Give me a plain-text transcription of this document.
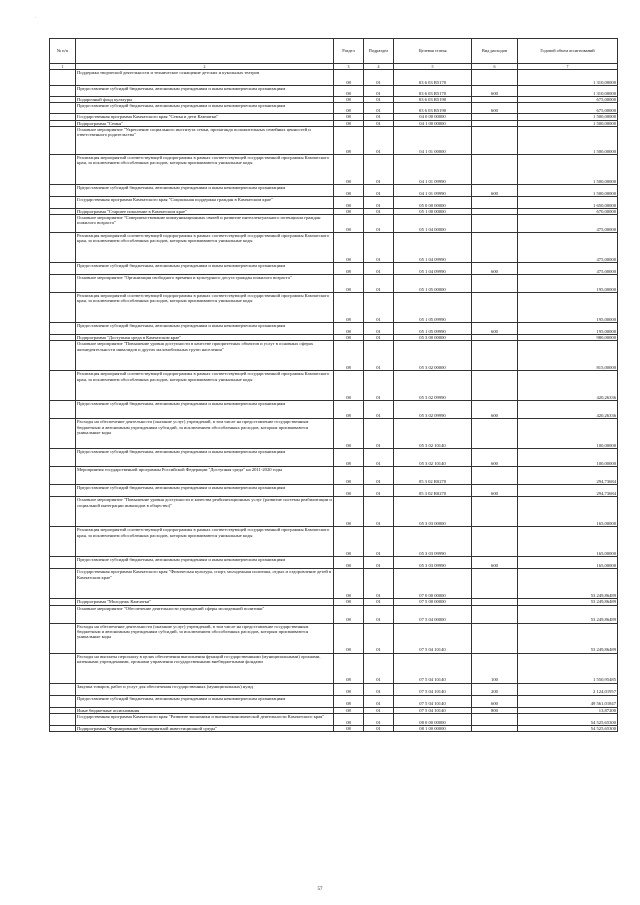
·
№ п/п		Раздел	Подраздел	Целевая статья	Вид расходов	Годовой объем ассигнований
1	2	3	4	5	6	7
	Поддержка творческой деятельности и техническое оснащение детских и кукольных театров	08	01	03 6 03 R5170		1 310,00000
	Предоставление субсидий бюджетным, автономным учреждениям и иным некоммерческим организациям	08	01	03 6 03 R5170	600	1 310,00000
	Подарочный фонд культуры	08	01	03 6 03 R5190		675,00000
	Предоставление субсидий бюджетным, автономным учреждениям и иным некоммерческим организациям	08	01	03 6 03 R5190	600	675,00000
	Государственная программа Камчатского края "Семья и дети Камчатки"	08	01	04 0 00 00000		1 500,00000
	Подпрограмма "Семья"	08	01	04 1 00 00000		1 500,00000
	Основное мероприятие "Укрепление социального института семьи, пропаганда положительных семейных ценностей и ответственного родительства"	08	01	04 1 01 00000		1 500,00000
	Реализация мероприятий соответствующей подпрограммы в рамках соответствующей государственной программы Камчатского края, за исключением обособленных расходов, которым присваиваются уникальные коды	08	01	04 1 01 09990		1 500,00000
	Предоставление субсидий бюджетным, автономным учреждениям и иным некоммерческим организациям	08	01	04 1 01 09990	600	1 500,00000
	Государственная программа Камчатского края "Социальная поддержка граждан в Камчатском крае"	08	01	05 0 00 00000		1 650,00000
	Подпрограмма "Старшее поколение в Камчатском крае"	08	01	05 1 00 00000		670,00000
	Основное мероприятие "Совершенствование коммуникационных связей и развитие интеллектуального потенциала граждан пожилого возраста"	08	01	05 1 04 00000		475,00000
	Реализация мероприятий соответствующей подпрограммы в рамках соответствующей государственной программы Камчатского края, за исключением обособленных расходов, которым присваиваются уникальные коды	08	01	05 1 04 09990		475,00000
	Предоставление субсидий бюджетным, автономным учреждениям и иным некоммерческим организациям	08	01	05 1 04 09990	600	475,00000
	Основное мероприятие "Организация свободного времени и культурного досуга граждан пожилого возраста"	08	01	05 1 05 00000		195,00000
	Реализация мероприятий соответствующей подпрограммы в рамках соответствующей государственной программы Камчатского края, за исключением обособленных расходов, которым присваиваются уникальные коды	08	01	05 1 05 09990		195,00000
	Предоставление субсидий бюджетным, автономным учреждениям и иным некоммерческим организациям	08	01	05 1 05 09990	600	195,00000
	Подпрограмма "Доступная среда в Камчатском крае"	08	01	05 3 00 00000		980,00000
	Основное мероприятие "Повышение уровня доступности в качестве приоритетных объектов и услуг в основных сферах жизнедеятельности инвалидов и других маломобильных групп населения"	08	01	05 3 02 00000		815,00000
	Реализация мероприятий соответствующей подпрограммы в рамках соответствующей государственной программы Камчатского края, за исключением обособленных расходов, которым присваиваются уникальные коды	08	01	05 3 02 09990		420,26336
	Предоставление субсидий бюджетным, автономным учреждениям и иным некоммерческим организациям	08	01	05 3 02 09990	600	420,26336
	Расходы на обеспечение деятельности (оказание услуг) учреждений, в том числе на предоставление государственным бюджетным и автономным учреждениям субсидий, за исключением обособленных расходов, которым присваиваются уникальные коды	08	01	05 3 02 10140		100,00000
	Предоставление субсидий бюджетным, автономным учреждениям и иным некоммерческим организациям	08	01	05 3 02 10140	600	100,00000
	Мероприятия государственной программы Российской Федерации "Доступная среда" на 2011-2020 годы	08	01	05 3 02 R0270		294,73684
	Предоставление субсидий бюджетным, автономным учреждениям и иным некоммерческим организациям	08	01	05 3 02 R0270	600	294,73684
	Основное мероприятие "Повышение уровня доступности и качества реабилитационных услуг (развитие системы реабилитации и социальной интеграции инвалидов в общество)"	08	01	05 3 03 00000		165,00000
	Реализация мероприятий соответствующей подпрограммы в рамках соответствующей государственной программы Камчатского края, за исключением обособленных расходов, которым присваиваются уникальные коды	08	01	05 3 03 09990		165,00000
	Предоставление субсидий бюджетным, автономным учреждениям и иным некоммерческим организациям	08	01	05 3 03 09990	600	165,00000
	Государственная программа Камчатского края "Физическая культура, спорт, молодежная политика, отдых и оздоровление детей в Камчатском крае"	08	01	07 0 00 00000		53 249,86489
	Подпрограмма "Молодежь Камчатки"	08	01	07 5 00 00000		53 249,86489
	Основное мероприятие "Обеспечение деятельности учреждений сферы молодежной политики"	08	01	07 5 04 00000		53 249,86489
	Расходы на обеспечение деятельности (оказание услуг) учреждений, в том числе на предоставление государственным бюджетным и автономным учреждениям субсидий, за исключением обособленных расходов, которым присваиваются уникальные коды	08	01	07 5 04 10140		53 249,86489
	Расходы на выплаты персоналу в целях обеспечения выполнения функций государственными (муниципальными) органами, казенными учреждениями, органами управления государственными внебюджетными фондами	08	01	07 5 04 10140	100	1 550,95485
	Закупка товаров, работ и услуг для обеспечения государственных (муниципальных) нужд	08	01	07 5 04 10140	200	2 124,01957
	Предоставление субсидий бюджетным, автономным учреждениям и иным некоммерческим организациям	08	01	07 5 04 10140	600	49 561,01847
	Иные бюджетные ассигнования	08	01	07 5 04 10140	800	13,87200
	Государственная программа Камчатского края "Развитие экономики и внешнеэкономической деятельности Камчатского края"	08	01	08 0 00 00000		54 525,65300
	Подпрограмма "Формирование благоприятной инвестиционной среды"	08	01	08 1 00 00000		54 525,65300
57
